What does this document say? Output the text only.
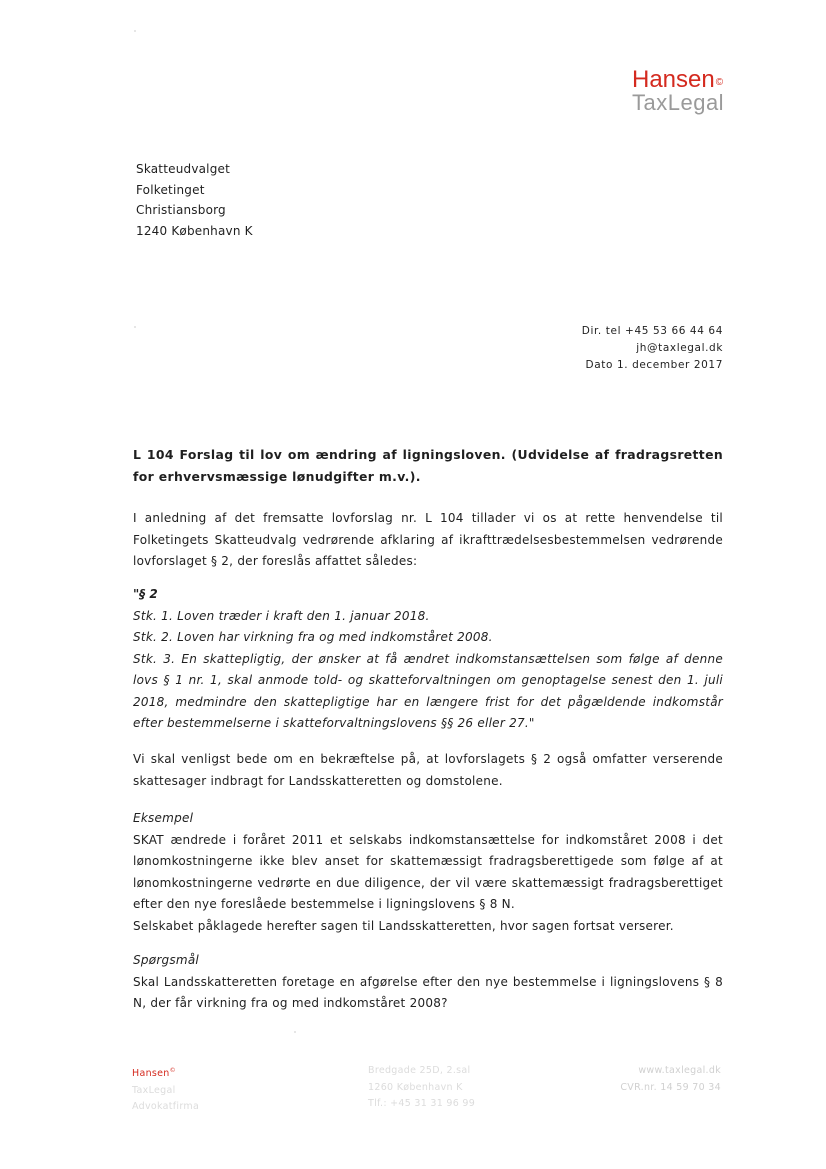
Hansen©
TaxLegal
Skatteudvalget
Folketinget
Christiansborg
1240 København K
Dir. tel +45 53 66 44 64
jh@taxlegal.dk
Dato 1. december 2017
L 104 Forslag til lov om ændring af ligningsloven. (Udvidelse af fradragsretten for erhvervsmæssige lønudgifter m.v.).
I anledning af det fremsatte lovforslag nr. L 104 tillader vi os at rette henvendelse til Folketingets Skatteudvalg vedrørende afklaring af ikrafttrædelsesbestemmelsen vedrørende lovforslaget § 2, der foreslås affattet således:
"§ 2
Stk. 1. Loven træder i kraft den 1. januar 2018.
Stk. 2. Loven har virkning fra og med indkomståret 2008.
Stk. 3. En skattepligtig, der ønsker at få ændret indkomstansættelsen som følge af denne lovs § 1 nr. 1, skal anmode told- og skatteforvaltningen om genoptagelse senest den 1. juli 2018, medmindre den skattepligtige har en længere frist for det pågældende indkomstår efter bestemmelserne i skatteforvaltningslovens §§ 26 eller 27."
Vi skal venligst bede om en bekræftelse på, at lovforslagets § 2 også omfatter verserende skattesager indbragt for Landsskatteretten og domstolene.
Eksempel
SKAT ændrede i foråret 2011 et selskabs indkomstansættelse for indkomståret 2008 i det lønomkostningerne ikke blev anset for skattemæssigt fradragsberettigede som følge af at lønomkostningerne vedrørte en due diligence, der vil være skattemæssigt fradragsberettiget efter den nye foreslåede bestemmelse i ligningslovens § 8 N.
Selskabet påklagede herefter sagen til Landsskatteretten, hvor sagen fortsat verserer.
Spørgsmål
Skal Landsskatteretten foretage en afgørelse efter den nye bestemmelse i ligningslovens § 8 N, der får virkning fra og med indkomståret 2008?
Hansen©
TaxLegal
Advokatfirma
Bredgade 25D, 2.sal
1260 København K
Tlf.: +45 31 31 96 99
www.taxlegal.dk
CVR.nr. 14 59 70 34
